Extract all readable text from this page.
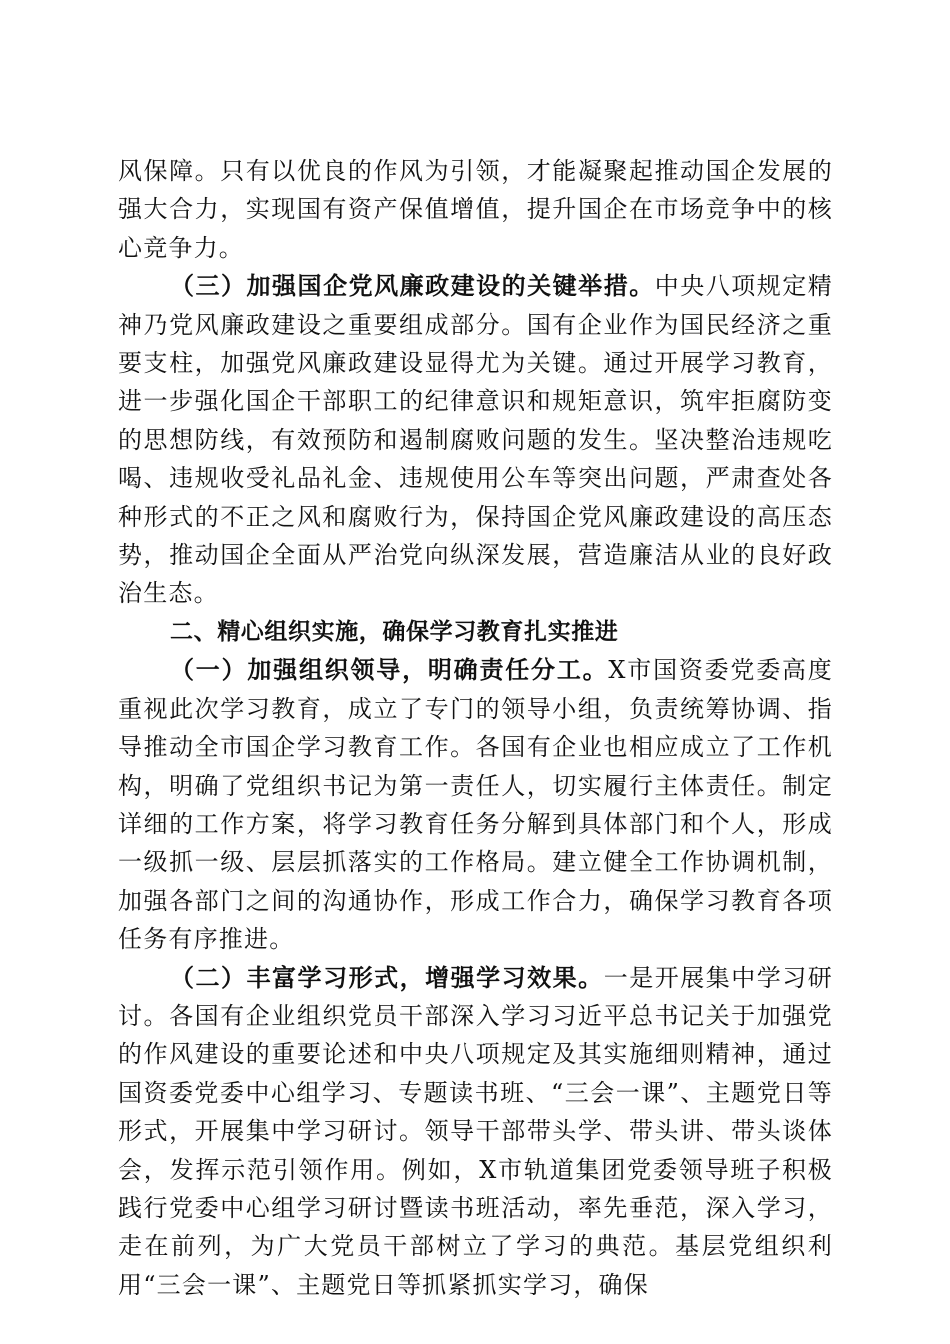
风保障。只有以优良的作风为引领，才能凝聚起推动国企发展的强大合力，实现国有资产保值增值，提升国企在市场竞争中的核心竞争力。

（三）加强国企党风廉政建设的关键举措。中央八项规定精神乃党风廉政建设之重要组成部分。国有企业作为国民经济之重要支柱，加强党风廉政建设显得尤为关键。通过开展学习教育，进一步强化国企干部职工的纪律意识和规矩意识，筑牢拒腐防变的思想防线，有效预防和遏制腐败问题的发生。坚决整治违规吃喝、违规收受礼品礼金、违规使用公车等突出问题，严肃查处各种形式的不正之风和腐败行为，保持国企党风廉政建设的高压态势，推动国企全面从严治党向纵深发展，营造廉洁从业的良好政治生态。

二、精心组织实施，确保学习教育扎实推进

（一）加强组织领导，明确责任分工。X市国资委党委高度重视此次学习教育，成立了专门的领导小组，负责统筹协调、指导推动全市国企学习教育工作。各国有企业也相应成立了工作机构，明确了党组织书记为第一责任人，切实履行主体责任。制定详细的工作方案，将学习教育任务分解到具体部门和个人，形成一级抓一级、层层抓落实的工作格局。建立健全工作协调机制，加强各部门之间的沟通协作，形成工作合力，确保学习教育各项任务有序推进。

（二）丰富学习形式，增强学习效果。一是开展集中学习研讨。各国有企业组织党员干部深入学习习近平总书记关于加强党的作风建设的重要论述和中央八项规定及其实施细则精神，通过国资委党委中心组学习、专题读书班、“三会一课”、主题党日等形式，开展集中学习研讨。领导干部带头学、带头讲、带头谈体会，发挥示范引领作用。例如，X市轨道集团党委领导班子积极践行党委中心组学习研讨暨读书班活动，率先垂范，深入学习，走在前列，为广大党员干部树立了学习的典范。基层党组织利用“三会一课”、主题党日等抓紧抓实学习，确保
